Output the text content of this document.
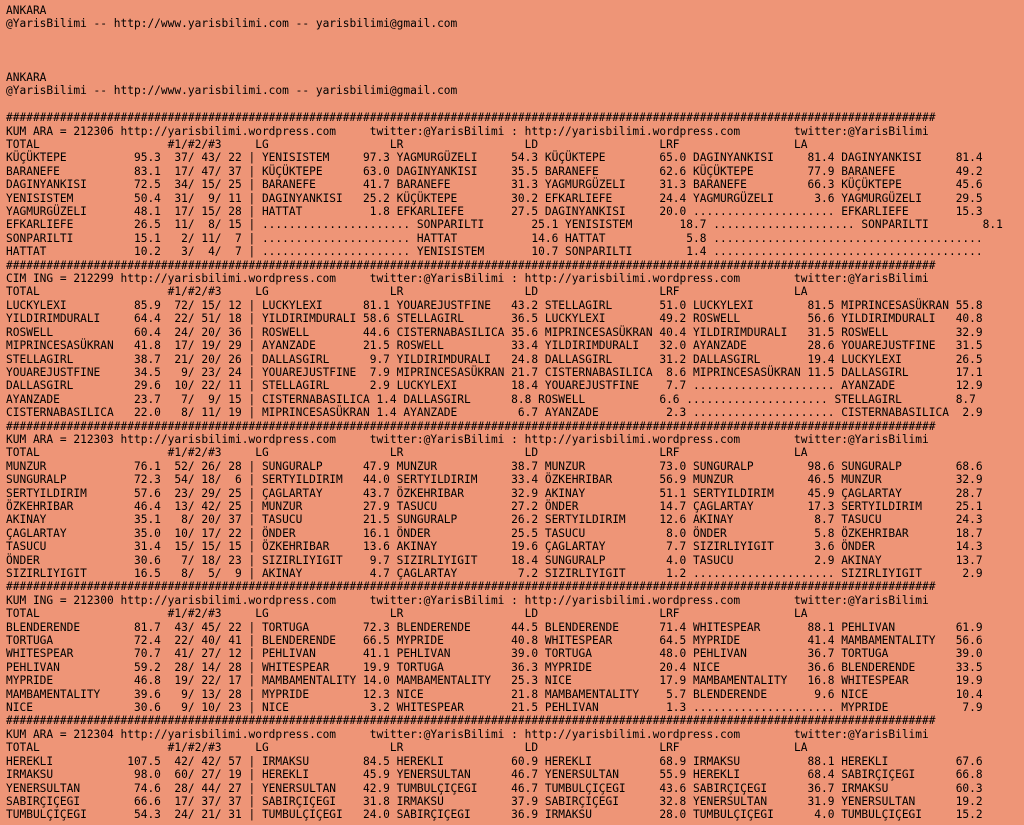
ANKARA
@YarisBilimi -- http://www.yarisbilimi.com -- yarisbilimi@gmail.com
ANKARA
@YarisBilimi -- http://www.yarisbilimi.com -- yarisbilimi@gmail.com
##########################################################################################################################################
KUM ARA = 212306 http://yarisbilimi.wordpress.com     twitter:@YarisBilimi : http://yarisbilimi.wordpress.com        twitter:@YarisBilimi
TOTAL                   #1/#2/#3     LG                  LR                  LD                  LRF                 LA
KÜÇÜKTEPE          95.3  37/ 43/ 22 | YENISISTEM     97.3 YAGMURGÜZELI     54.3 KÜÇÜKTEPE        65.0 DAGINYANKISI     81.4 DAGINYANKISI     81.4
BARANEFE           83.1  17/ 47/ 37 | KÜÇÜKTEPE      63.0 DAGINYANKISI     35.5 BARANEFE         62.6 KÜÇÜKTEPE        77.9 BARANEFE         49.2
DAGINYANKISI       72.5  34/ 15/ 25 | BARANEFE       41.7 BARANEFE         31.3 YAGMURGÜZELI     31.3 BARANEFE         66.3 KÜÇÜKTEPE        45.6
YENISISTEM         50.4  31/  9/ 11 | DAGINYANKISI   25.2 KÜÇÜKTEPE        30.2 EFKARLIEFE       24.4 YAGMURGÜZELI      3.6 YAGMURGÜZELI     29.5
YAGMURGÜZELI       48.1  17/ 15/ 28 | HATTAT          1.8 EFKARLIEFE       27.5 DAGINYANKISI     20.0 ..................... EFKARLIEFE       15.3
EFKARLIEFE         26.5  11/  8/ 15 | ...................... SONPARILTI       25.1 YENISISTEM       18.7 ..................... SONPARILTI        8.1
SONPARILTI         15.1   2/ 11/  7 | ...................... HATTAT           14.6 HATTAT            5.8 ........................................
HATTAT             10.2   3/  4/  7 | ...................... YENISISTEM       10.7 SONPARILTI        1.4 ........................................
##########################################################################################################################################
CIM ING = 212299 http://yarisbilimi.wordpress.com     twitter:@YarisBilimi : http://yarisbilimi.wordpress.com        twitter:@YarisBilimi
TOTAL                   #1/#2/#3     LG                  LR                  LD                  LRF                 LA
LUCKYLEXI          85.9  72/ 15/ 12 | LUCKYLEXI      81.1 YOUAREJUSTFINE   43.2 STELLAGIRL       51.0 LUCKYLEXI        81.5 MIPRINCESASÜKRAN 55.8
YILDIRIMDURALI     64.4  22/ 51/ 18 | YILDIRIMDURALI 58.6 STELLAGIRL       36.5 LUCKYLEXI        49.2 ROSWELL          56.6 YILDIRIMDURALI   40.8
ROSWELL            60.4  24/ 20/ 36 | ROSWELL        44.6 CISTERNABASILICA 35.6 MIPRINCESASÜKRAN 40.4 YILDIRIMDURALI   31.5 ROSWELL          32.9
MIPRINCESASÜKRAN   41.8  17/ 19/ 29 | AYANZADE       21.5 ROSWELL          33.4 YILDIRIMDURALI   32.0 AYANZADE         28.6 YOUAREJUSTFINE   31.5
STELLAGIRL         38.7  21/ 20/ 26 | DALLASGIRL      9.7 YILDIRIMDURALI   24.8 DALLASGIRL       31.2 DALLASGIRL       19.4 LUCKYLEXI        26.5
YOUAREJUSTFINE     34.5   9/ 23/ 24 | YOUAREJUSTFINE  7.9 MIPRINCESASÜKRAN 21.7 CISTERNABASILICA  8.6 MIPRINCESASÜKRAN 11.5 DALLASGIRL       17.1
DALLASGIRL         29.6  10/ 22/ 11 | STELLAGIRL      2.9 LUCKYLEXI        18.4 YOUAREJUSTFINE    7.7 ..................... AYANZADE         12.9
AYANZADE           23.7   7/  9/ 15 | CISTERNABASILICA 1.4 DALLASGIRL      8.8 ROSWELL           6.6 ..................... STELLAGIRL        8.7
CISTERNABASILICA   22.0   8/ 11/ 19 | MIPRINCESASÜKRAN 1.4 AYANZADE         6.7 AYANZADE          2.3 ..................... CISTERNABASILICA  2.9
##########################################################################################################################################
KUM ARA = 212303 http://yarisbilimi.wordpress.com     twitter:@YarisBilimi : http://yarisbilimi.wordpress.com        twitter:@YarisBilimi
TOTAL                   #1/#2/#3     LG                  LR                  LD                  LRF                 LA
MUNZUR             76.1  52/ 26/ 28 | SUNGURALP      47.9 MUNZUR           38.7 MUNZUR           73.0 SUNGURALP        98.6 SUNGURALP        68.6
SUNGURALP          72.3  54/ 18/  6 | SERTYILDIRIM   44.0 SERTYILDIRIM     33.4 ÖZKEHRIBAR       56.9 MUNZUR           46.5 MUNZUR           32.9
SERTYILDIRIM       57.6  23/ 29/ 25 | ÇAGLARTAY      43.7 ÖZKEHRIBAR       32.9 AKINAY           51.1 SERTYILDIRIM     45.9 ÇAGLARTAY        28.7
ÖZKEHRIBAR         46.4  13/ 42/ 25 | MUNZUR         27.9 TASUCU           27.2 ÖNDER            14.7 ÇAGLARTAY        17.3 SERTYILDIRIM     25.1
AKINAY             35.1   8/ 20/ 37 | TASUCU         21.5 SUNGURALP        26.2 SERTYILDIRIM     12.6 AKINAY            8.7 TASUCU           24.3
ÇAGLARTAY          35.0  10/ 17/ 22 | ÖNDER          16.1 ÖNDER            25.5 TASUCU            8.0 ÖNDER             5.8 ÖZKEHRIBAR       18.7
TASUCU             31.4  15/ 15/ 15 | ÖZKEHRIBAR     13.6 AKINAY           19.6 ÇAGLARTAY         7.7 SIZIRLIYIGIT      3.6 ÖNDER            14.3
ÖNDER              30.6   7/ 18/ 23 | SIZIRLIYIGIT    9.7 SIZIRLIYIGIT     18.4 SUNGURALP         4.0 TASUCU            2.9 AKINAY           13.7
SIZIRLIYIGIT       16.5   8/  5/  9 | AKINAY          4.7 ÇAGLARTAY         7.2 SIZIRLIYIGIT      1.2 ..................... SIZIRLIYIGIT      2.9
##########################################################################################################################################
KUM ING = 212300 http://yarisbilimi.wordpress.com     twitter:@YarisBilimi : http://yarisbilimi.wordpress.com        twitter:@YarisBilimi
TOTAL                   #1/#2/#3     LG                  LR                  LD                  LRF                 LA
BLENDERENDE        81.7  43/ 45/ 22 | TORTUGA        72.3 BLENDERENDE      44.5 BLENDERENDE      71.4 WHITESPEAR       88.1 PEHLIVAN         61.9
TORTUGA            72.4  22/ 40/ 41 | BLENDERENDE    66.5 MYPRIDE          40.8 WHITESPEAR       64.5 MYPRIDE          41.4 MAMBAMENTALITY   56.6
WHITESPEAR         70.7  41/ 27/ 12 | PEHLIVAN       41.1 PEHLIVAN         39.0 TORTUGA          48.0 PEHLIVAN         36.7 TORTUGA          39.0
PEHLIVAN           59.2  28/ 14/ 28 | WHITESPEAR     19.9 TORTUGA          36.3 MYPRIDE          20.4 NICE             36.6 BLENDERENDE      33.5
MYPRIDE            46.8  19/ 22/ 17 | MAMBAMENTALITY 14.0 MAMBAMENTALITY   25.3 NICE             17.9 MAMBAMENTALITY   16.8 WHITESPEAR       19.9
MAMBAMENTALITY     39.6   9/ 13/ 28 | MYPRIDE        12.3 NICE             21.8 MAMBAMENTALITY    5.7 BLENDERENDE       9.6 NICE             10.4
NICE               30.6   9/ 10/ 23 | NICE            3.2 WHITESPEAR       21.5 PEHLIVAN          1.3 ..................... MYPRIDE           7.9
##########################################################################################################################################
KUM ARA = 212304 http://yarisbilimi.wordpress.com     twitter:@YarisBilimi : http://yarisbilimi.wordpress.com        twitter:@YarisBilimi
TOTAL                   #1/#2/#3     LG                  LR                  LD                  LRF                 LA
HEREKLI           107.5  42/ 42/ 57 | IRMAKSU        84.5 HEREKLI          60.9 HEREKLI          68.9 IRMAKSU          88.1 HEREKLI          67.6
IRMAKSU            98.0  60/ 27/ 19 | HEREKLI        45.9 YENERSULTAN      46.7 YENERSULTAN      55.9 HEREKLI          68.4 SABIRÇIÇEGI      66.8
YENERSULTAN        74.6  28/ 44/ 27 | YENERSULTAN    42.9 TUMBULÇIÇEGI     46.7 TUMBULÇIÇEGI     43.6 SABIRÇIÇEGI      36.7 IRMAKSU          60.3
SABIRÇIÇEGI        66.6  17/ 37/ 37 | SABIRÇIÇEGI    31.8 IRMAKSU          37.9 SABIRÇIÇEGI      32.8 YENERSULTAN      31.9 YENERSULTAN      19.2
TUMBULÇIÇEGI       54.3  24/ 21/ 31 | TUMBULÇIÇEGI   24.0 SABIRÇIÇEGI      36.9 IRMAKSU          28.0 TUMBULÇIÇEGI      4.0 TUMBULÇIÇEGI     15.2
